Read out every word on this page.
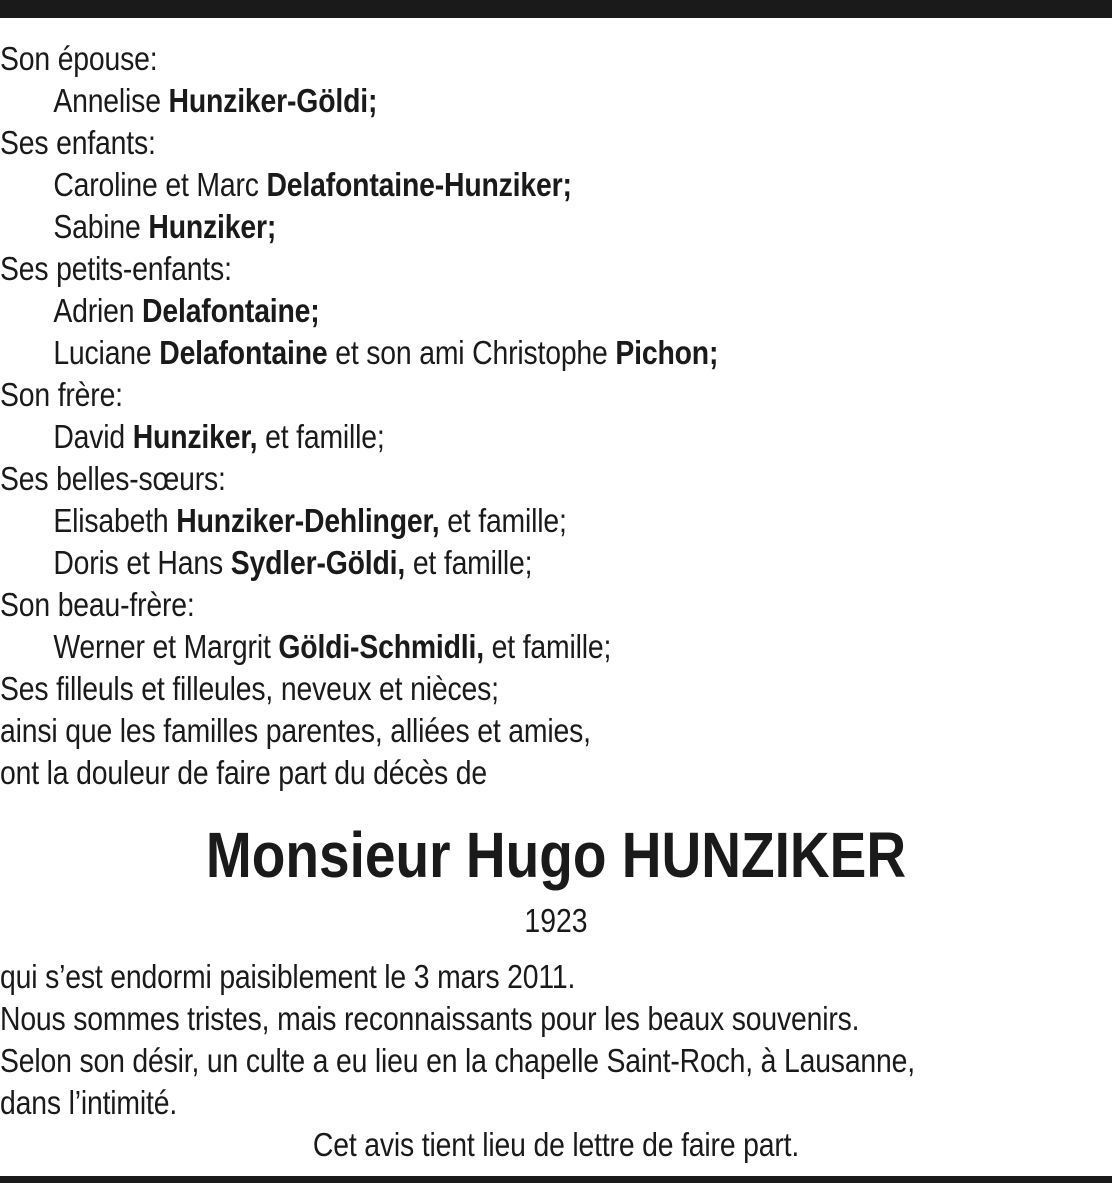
Son épouse:
Annelise Hunziker-Göldi;
Ses enfants:
Caroline et Marc Delafontaine-Hunziker;
Sabine Hunziker;
Ses petits-enfants:
Adrien Delafontaine;
Luciane Delafontaine et son ami Christophe Pichon;
Son frère:
David Hunziker, et famille;
Ses belles-sœurs:
Elisabeth Hunziker-Dehlinger, et famille;
Doris et Hans Sydler-Göldi, et famille;
Son beau-frère:
Werner et Margrit Göldi-Schmidli, et famille;
Ses filleuls et filleules, neveux et nièces;
ainsi que les familles parentes, alliées et amies,
ont la douleur de faire part du décès de
Monsieur Hugo HUNZIKER
1923
qui s’est endormi paisiblement le 3 mars 2011.
Nous sommes tristes, mais reconnaissants pour les beaux souvenirs.
Selon son désir, un culte a eu lieu en la chapelle Saint-Roch, à Lausanne,
dans l’intimité.
Cet avis tient lieu de lettre de faire part.
